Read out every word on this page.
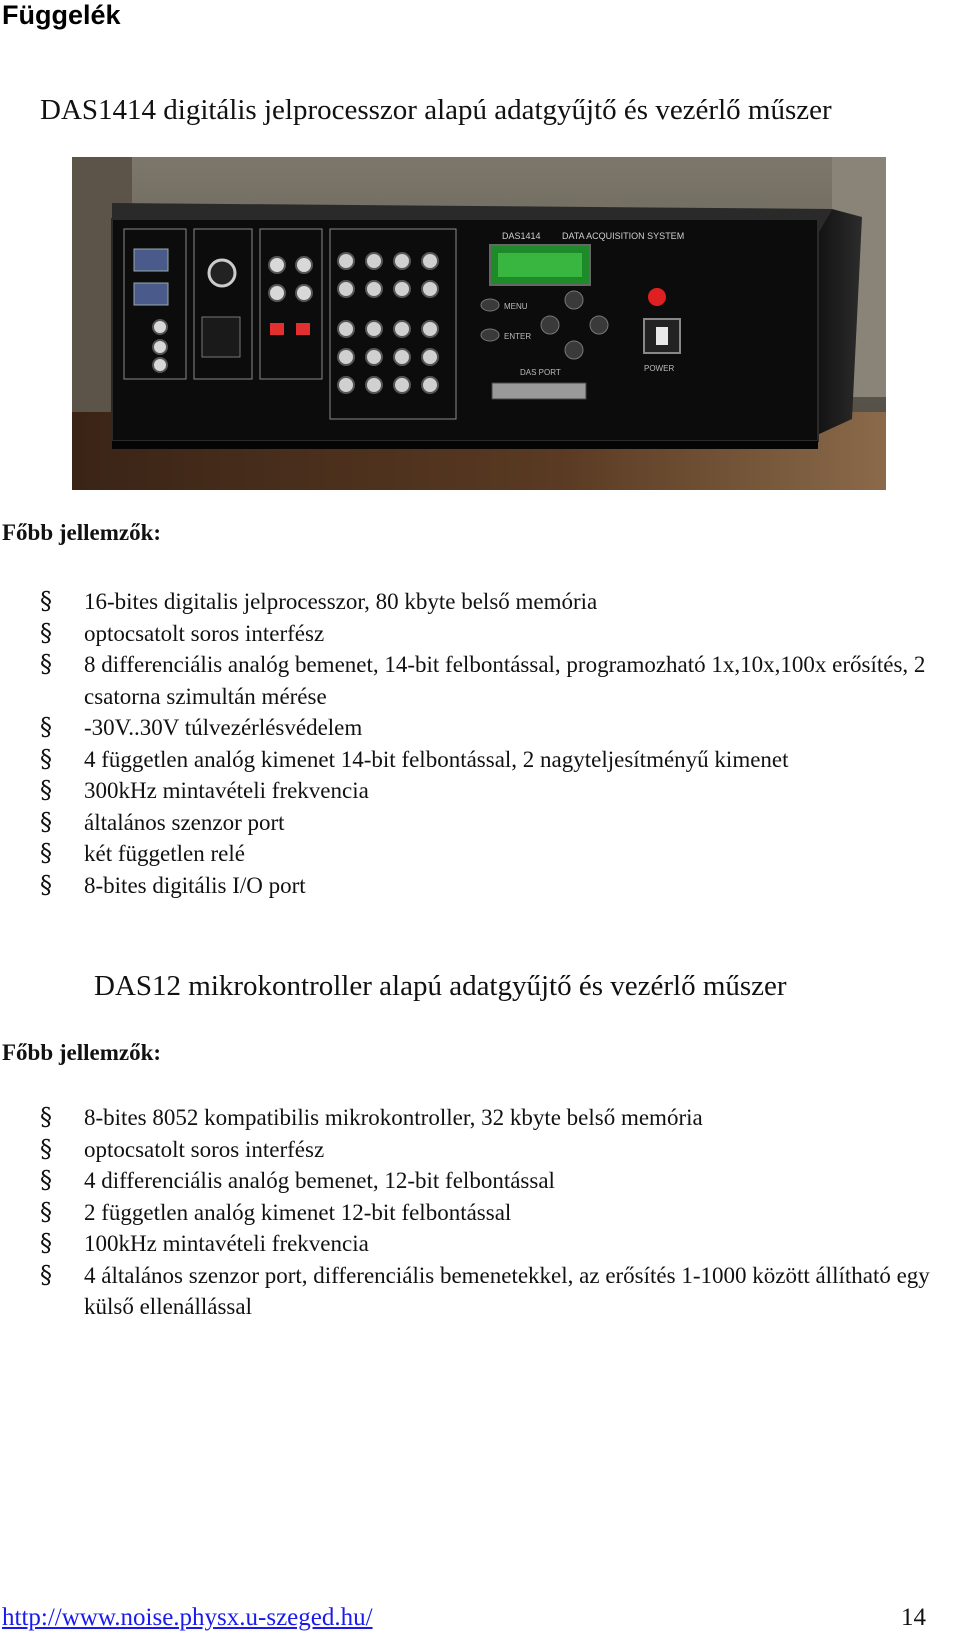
Függelék
DAS1414 digitális jelprocesszor alapú adatgyűjtő és vezérlő műszer
DAS1414 DATA ACQUISITION SYSTEM
MENU
ENTER
POWER
DAS PORT
Főbb jellemzők:
§ 16-bites digitalis jelprocesszor, 80 kbyte belső memória
§ optocsatolt soros interfész
§ 8 differenciális analóg bemenet, 14-bit felbontással, programozható 1x,10x,100x erősítés, 2 csatorna szimultán mérése
§ -30V..30V túlvezérlésvédelem
§ 4 független analóg kimenet 14-bit felbontással, 2 nagyteljesítményű kimenet
§ 300kHz mintavételi frekvencia
§ általános szenzor port
§ két független relé
§ 8-bites digitális I/O port
DAS12 mikrokontroller alapú adatgyűjtő és vezérlő műszer
Főbb jellemzők:
§ 8-bites 8052 kompatibilis mikrokontroller, 32 kbyte belső memória
§ optocsatolt soros interfész
§ 4 differenciális analóg bemenet, 12-bit felbontással
§ 2 független analóg kimenet 12-bit felbontással
§ 100kHz mintavételi frekvencia
§ 4 általános szenzor port, differenciális bemenetekkel, az erősítés 1-1000 között állítható egy külső ellenállással
http://www.noise.physx.u-szeged.hu/	14
